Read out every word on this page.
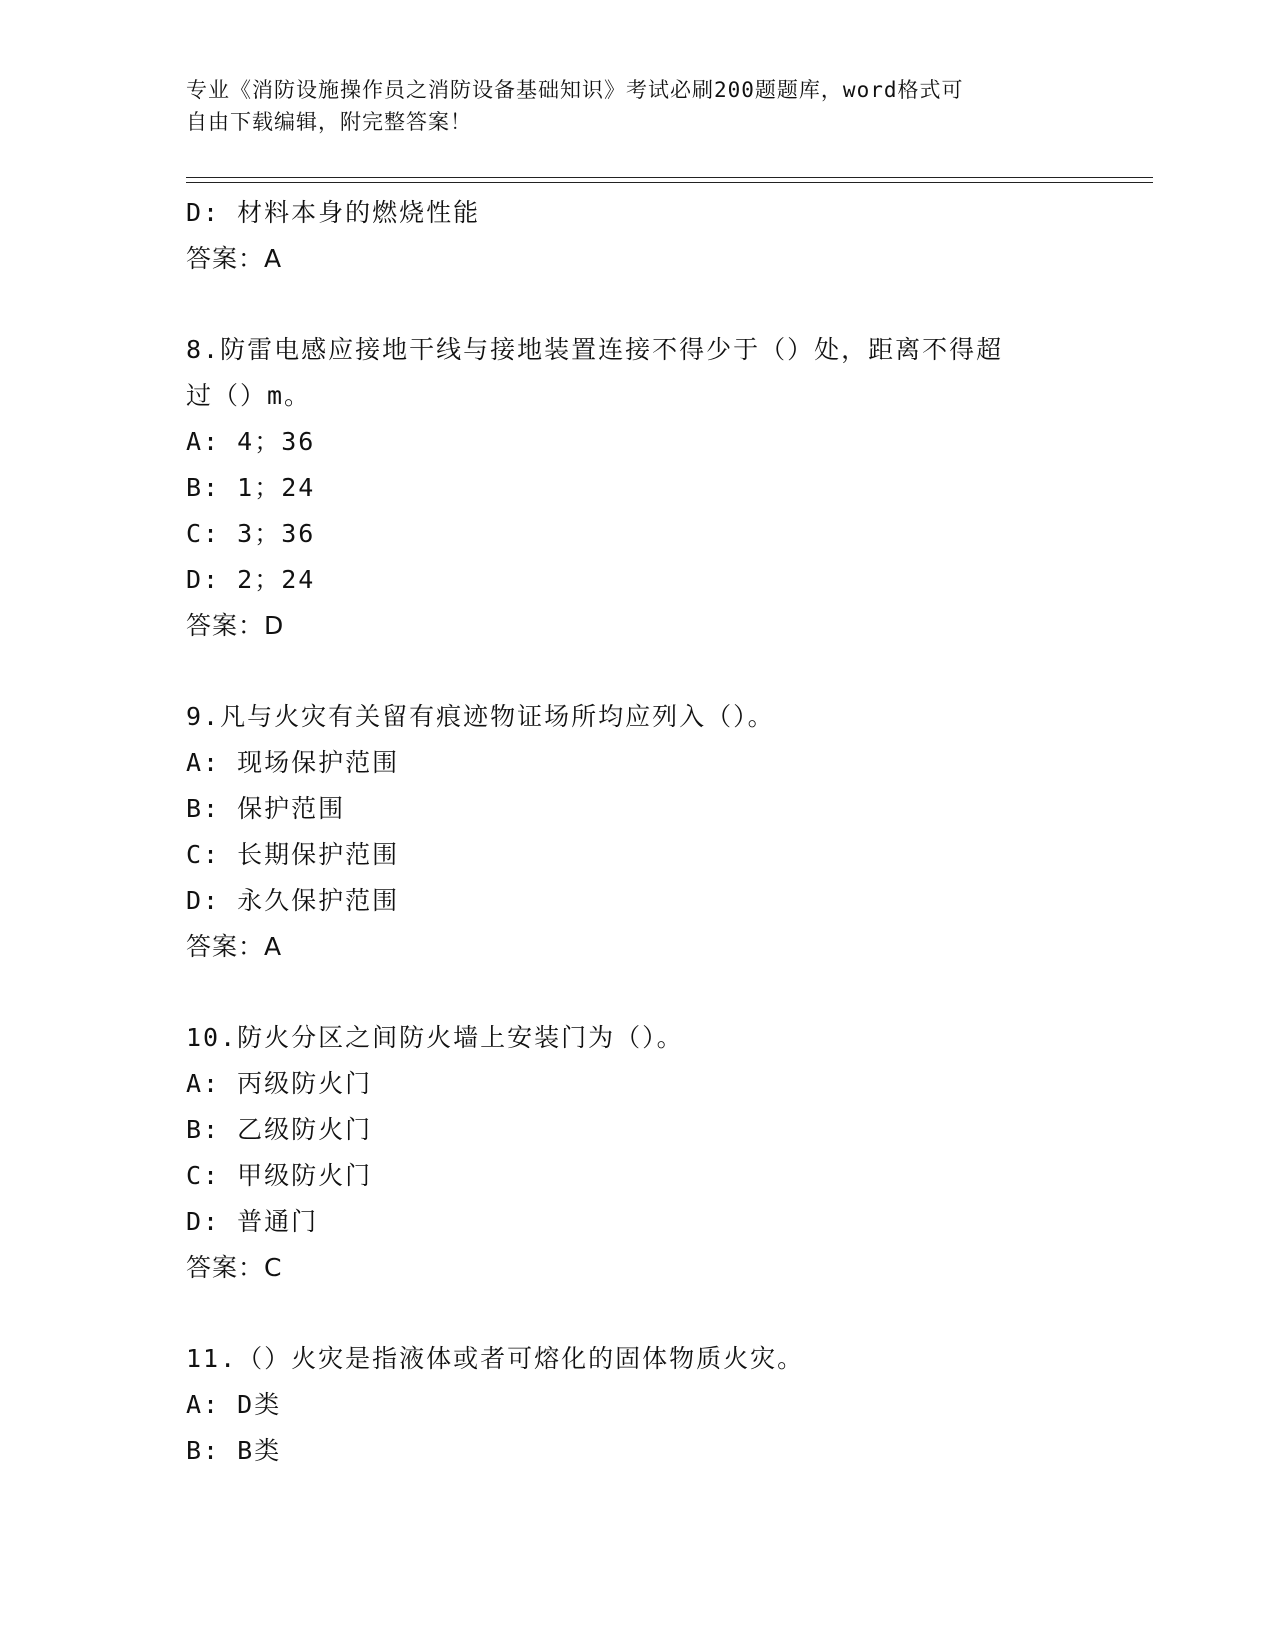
专业《消防设施操作员之消防设备基础知识》考试必刷200题题库，word格式可
自由下载编辑，附完整答案！
D: 材料本身的燃烧性能
答案：A
8.防雷电感应接地干线与接地装置连接不得少于（）处，距离不得超
过（）m。
A: 4；36
B: 1；24
C: 3；36
D: 2；24
答案：D
9.凡与火灾有关留有痕迹物证场所均应列入（）。
A: 现场保护范围
B: 保护范围
C: 长期保护范围
D: 永久保护范围
答案：A
10.防火分区之间防火墙上安装门为（）。
A: 丙级防火门
B: 乙级防火门
C: 甲级防火门
D: 普通门
答案：C
11.（）火灾是指液体或者可熔化的固体物质火灾。
A: D类
B: B类
